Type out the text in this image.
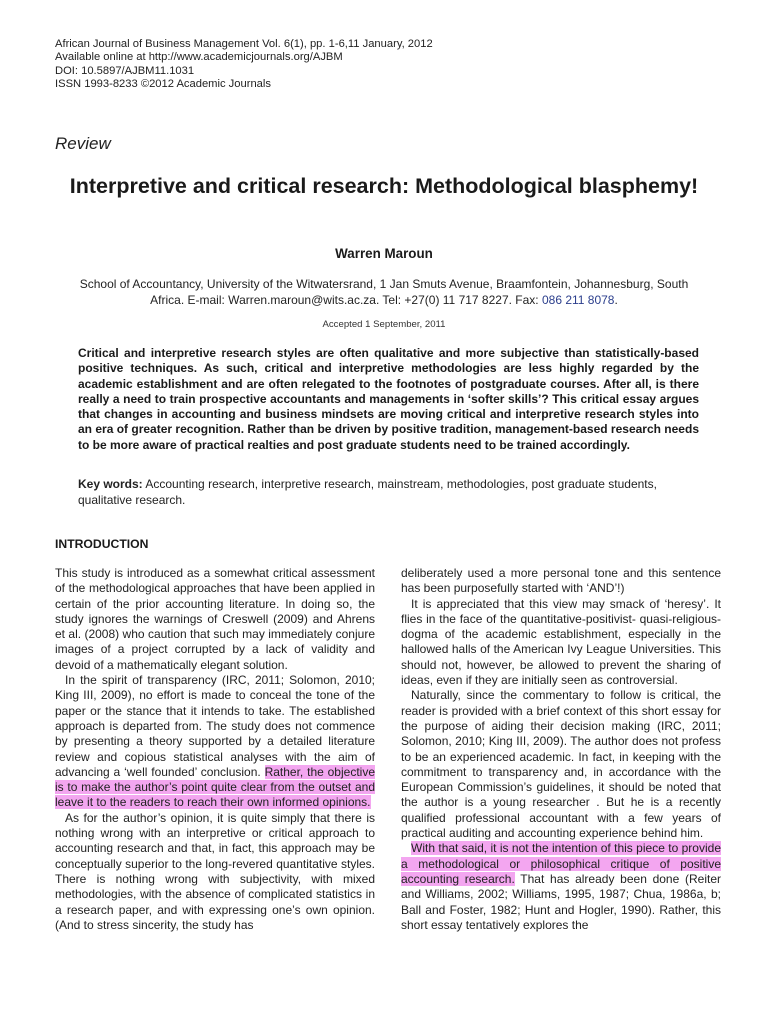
African Journal of Business Management Vol. 6(1), pp. 1-6,11 January, 2012
Available online at http://www.academicjournals.org/AJBM
DOI: 10.5897/AJBM11.1031
ISSN 1993-8233 ©2012 Academic Journals
Review
Interpretive and critical research: Methodological blasphemy!
Warren Maroun
School of Accountancy, University of the Witwatersrand, 1 Jan Smuts Avenue, Braamfontein, Johannesburg, South Africa. E-mail: Warren.maroun@wits.ac.za. Tel: +27(0) 11 717 8227. Fax: 086 211 8078.
Accepted 1 September, 2011
Critical and interpretive research styles are often qualitative and more subjective than statistically-based positive techniques. As such, critical and interpretive methodologies are less highly regarded by the academic establishment and are often relegated to the footnotes of postgraduate courses. After all, is there really a need to train prospective accountants and managements in ‘softer skills’? This critical essay argues that changes in accounting and business mindsets are moving critical and interpretive research styles into an era of greater recognition. Rather than be driven by positive tradition, management-based research needs to be more aware of practical realties and post graduate students need to be trained accordingly.
Key words: Accounting research, interpretive research, mainstream, methodologies, post graduate students, qualitative research.
INTRODUCTION

This study is introduced as a somewhat critical assessment of the methodological approaches that have been applied in certain of the prior accounting literature. In doing so, the study ignores the warnings of Creswell (2009) and Ahrens et al. (2008) who caution that such may immediately conjure images of a project corrupted by a lack of validity and devoid of a mathematically elegant solution.

In the spirit of transparency (IRC, 2011; Solomon, 2010; King III, 2009), no effort is made to conceal the tone of the paper or the stance that it intends to take. The established approach is departed from. The study does not commence by presenting a theory supported by a detailed literature review and copious statistical analyses with the aim of advancing a ‘well founded’ conclusion. Rather, the objective is to make the author’s point quite clear from the outset and leave it to the readers to reach their own informed opinions.

As for the author’s opinion, it is quite simply that there is nothing wrong with an interpretive or critical approach to accounting research and that, in fact, this approach may be conceptually superior to the long-revered quantitative styles. There is nothing wrong with subjectivity, with mixed methodologies, with the absence of complicated statistics in a research paper, and with expressing one’s own opinion. (And to stress sincerity, the study has

deliberately used a more personal tone and this sentence has been purposefully started with ‘AND’!)

It is appreciated that this view may smack of ‘heresy’. It flies in the face of the quantitative-positivist- quasi-religious-dogma of the academic establishment, especially in the hallowed halls of the American Ivy League Universities. This should not, however, be allowed to prevent the sharing of ideas, even if they are initially seen as controversial.

Naturally, since the commentary to follow is critical, the reader is provided with a brief context of this short essay for the purpose of aiding their decision making (IRC, 2011; Solomon, 2010; King III, 2009). The author does not profess to be an experienced academic. In fact, in keeping with the commitment to transparency and, in accordance with the European Commission’s guidelines, it should be noted that the author is a young researcher . But he is a recently qualified professional accountant with a few years of practical auditing and accounting experience behind him.

With that said, it is not the intention of this piece to provide a methodological or philosophical critique of positive accounting research. That has already been done (Reiter and Williams, 2002; Williams, 1995, 1987; Chua, 1986a, b; Ball and Foster, 1982; Hunt and Hogler, 1990). Rather, this short essay tentatively explores the
